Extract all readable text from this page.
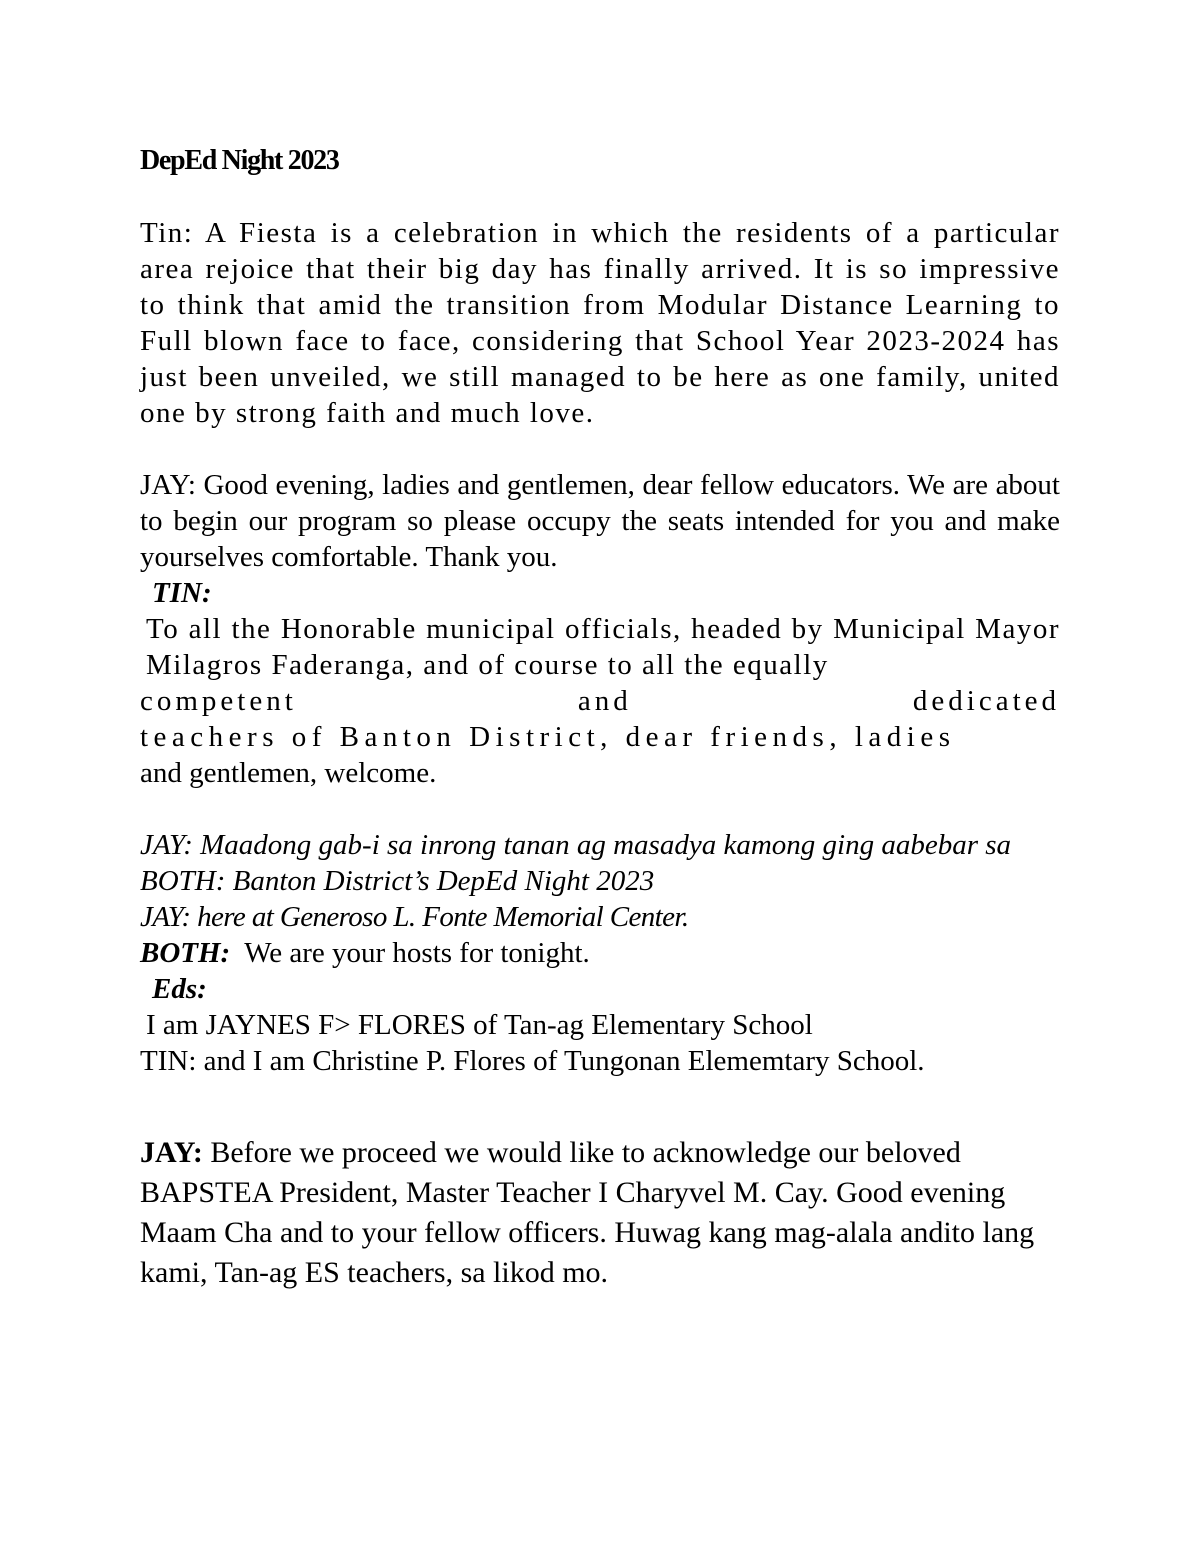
DepEd Night 2023

Tin: A Fiesta is a celebration in which the residents of a particular area rejoice that their big day has finally arrived. It is so impressive to think that amid the transition from Modular Distance Learning to Full blown face to face, considering that School Year 2023-2024 has just been unveiled, we still managed to be here as one family, united one by strong faith and much love.

JAY: Good evening, ladies and gentlemen, dear fellow educators. We are about to begin our program so please occupy the seats intended for you and make yourselves comfortable. Thank you.

TIN:

To all the Honorable municipal officials, headed by Municipal Mayor Milagros Faderanga, and of course to all the equally

competent and dedicated

teachers of Banton District, dear friends, ladies

and gentlemen, welcome.

JAY: Maadong gab-i sa inrong tanan ag masadya kamong ging aabebar sa

BOTH: Banton District’s DepEd Night 2023

JAY: here at Generoso L. Fonte Memorial Center.

BOTH: We are your hosts for tonight.

Eds:

I am JAYNES F> FLORES of Tan-ag Elementary School

TIN: and I am Christine P. Flores of Tungonan Elememtary School.

JAY: Before we proceed we would like to acknowledge our beloved BAPSTEA President, Master Teacher I Charyvel M. Cay. Good evening Maam Cha and to your fellow officers. Huwag kang mag-alala andito lang kami, Tan-ag ES teachers, sa likod mo.
